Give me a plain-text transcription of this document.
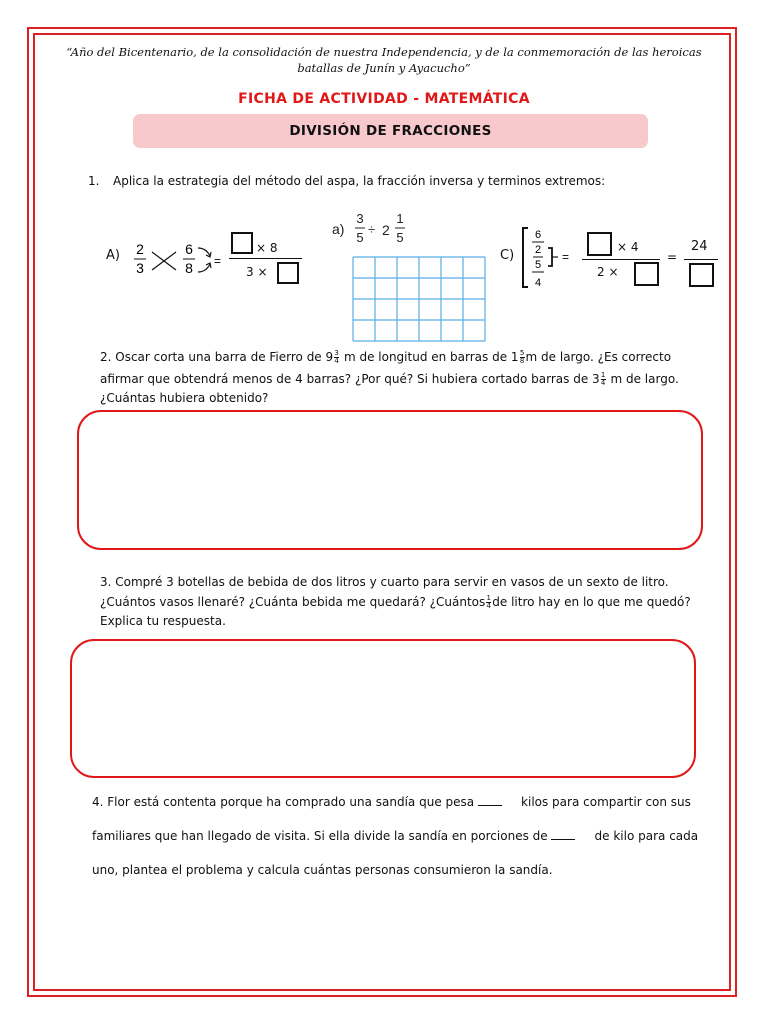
“Año del Bicentenario, de la consolidación de nuestra Independencia, y de la conmemoración de las heroicas batallas de Junín y Ayacucho”
FICHA DE ACTIVIDAD - MATEMÁTICA
DIVISIÓN DE FRACCIONES
1. Aplica la estrategia del método del aspa, la fracción inversa y terminos extremos:
A) 2
3
6
8 =
× 8
3 ×
a)
3
5
÷ 2
1
5
C)
6
2
5
4
=
× 4
2 ×
=
24
2. Oscar corta una barra de Fierro de $9 \frac{3}{4}$ m de longitud en barras de $1 \frac{5}{8}$ m de largo. ¿Es correcto
afirmar que obtendrá menos de 4 barras? ¿Por qué? Si hubiera cortado barras de $3 \frac{1}{4}$ m de largo.
¿Cuántas hubiera obtenido?
3. Compré 3 botellas de bebida de dos litros y cuarto para servir en vasos de un sexto de litro.
¿Cuántos vasos llenaré? ¿Cuánta bebida me quedará? ¿Cuántos $\frac{1}{4}$ de litro hay en lo que me quedó?
Explica tu respuesta.
4. Flor está contenta porque ha comprado una sandía que pesa	kilos para compartir con sus
familiares que han llegado de visita. Si ella divide la sandía en porciones de	de kilo para cada
uno, plantea el problema y calcula cuántas personas consumieron la sandía.
